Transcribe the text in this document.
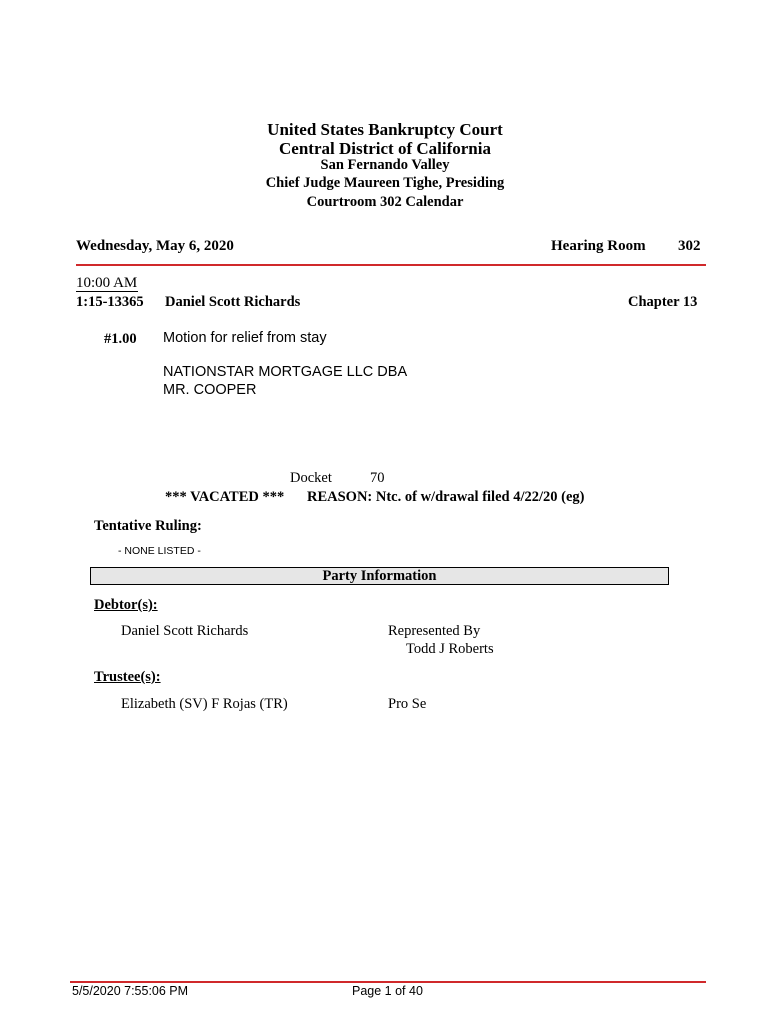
United States Bankruptcy Court
Central District of California
San Fernando Valley
Chief Judge Maureen Tighe, Presiding
Courtroom 302 Calendar
Wednesday, May 6, 2020	Hearing Room 302
10:00 AM
1:15-13365 Daniel Scott Richards	Chapter 13
#1.00 Motion for relief from stay
NATIONSTAR MORTGAGE LLC DBA
MR. COOPER
Docket	70
*** VACATED *** REASON: Ntc. of w/drawal filed 4/22/20 (eg)
Tentative Ruling:
- NONE LISTED -
Party Information
Debtor(s):
Daniel Scott Richards	Represented By
Todd J Roberts
Trustee(s):
Elizabeth (SV) F Rojas (TR)	Pro Se
5/5/2020 7:55:06 PM	Page 1 of 40
